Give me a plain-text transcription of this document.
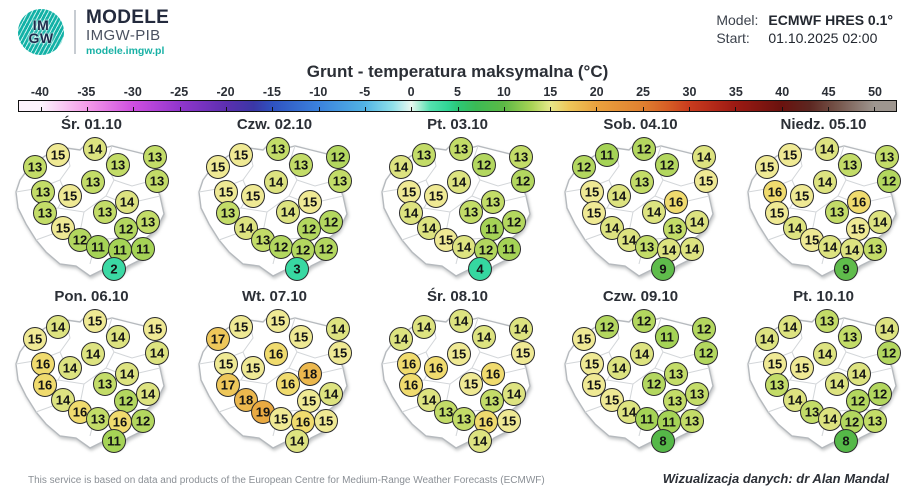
IM
GW
MODELE
IMGW-PIB
modele.imgw.pl
Model: ECMWF HRES 0.1°
Start:	01.10.2025 02:00
Grunt - temperatura maksymalna (°C)
-40 -35 -30 -25 -20 -15 -10	-5	0	5	10	15	20	25	30	35	40	45	50
Śr. 01.10
15 14
13
13
13
13	13
13 15	14
13	13
15	12 13
12 11 11 11
2
Czw. 02.10
15 13
13
12
15
14	13
15 15	15
13	14
14	12 12
13 12 12 12
3
Pt. 03.10
13 13
12
13
14
14	12
15 15	13
14	13
14	11 12
15 14 12 11
4
Sob. 04.10
11 12
12
14
12
13	15
15 14	16
15	14
14	13 14
14 13 14 14
9
Niedz. 05.10
15 14
13
13
15
14	12
16 15	16
15	13
14	15 14
15 14 14 13
9
Pon. 06.10
14 15
14
15
15
14	14
16 14	14
16	13
14	12 14
16 13 16 12
11
Wt. 07.10
15 15
15
14
17
16	15
15 15	18
17	16
18	15 14
19 15 16 15
14
Śr. 08.10
14 14
14
14
14
15	15
16 16	16
16	15
14	13 14
13 13 16 15
14
Czw. 09.10
12 12
11
12
15
14	12
15 14	13
15	12
15	13 13
14 11 11 13
8
Pt. 10.10
14 13
13
14
14
14	12
15 15	14
13	14
14	12 12
13 14 12 13
8
This service is based on data and products of the European Centre for Medium-Range Weather Forecasts (ECMWF)	Wizualizacja danych: dr Alan Mandal
